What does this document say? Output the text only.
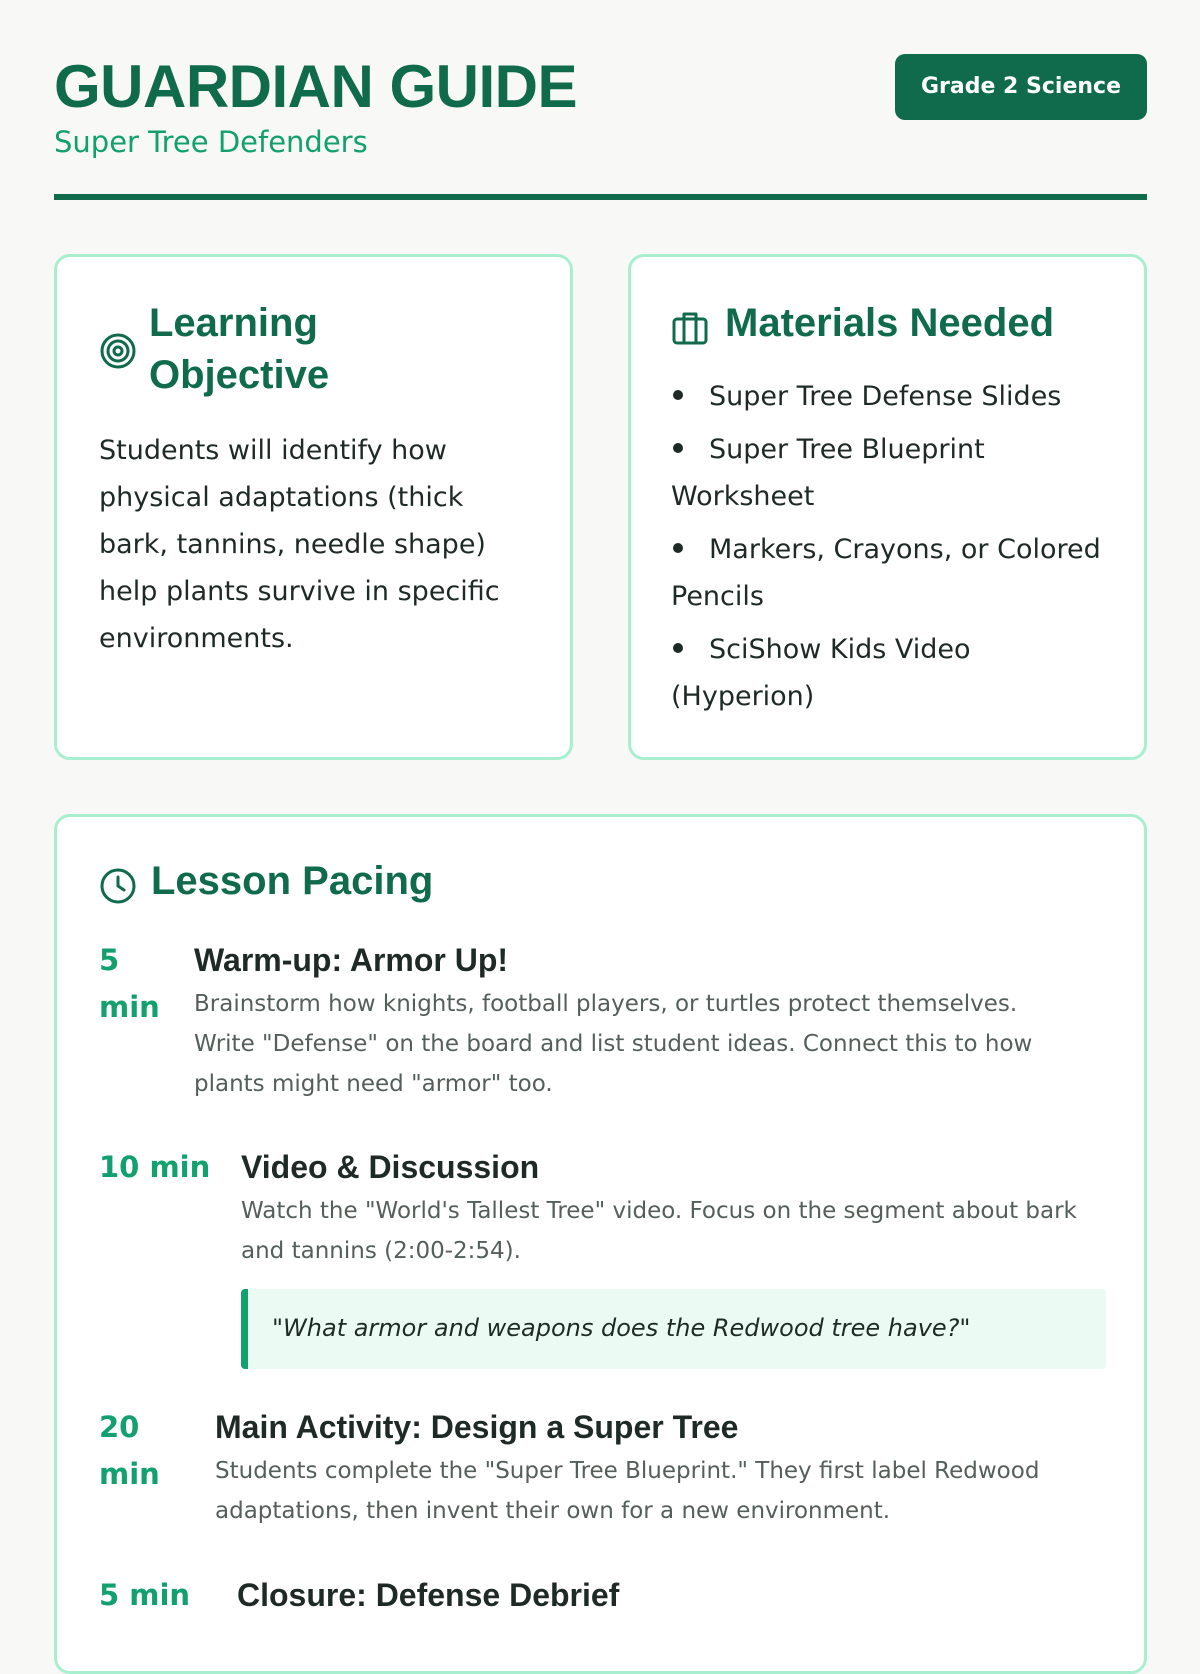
GUARDIAN GUIDE
Super Tree Defenders
Grade 2 Science
Learning Objective
Students will identify how physical adaptations (thick bark, tannins, needle shape) help plants survive in specific environments.
Materials Needed
Super Tree Defense Slides
Super Tree Blueprint Worksheet
Markers, Crayons, or Colored Pencils
SciShow Kids Video (Hyperion)
Lesson Pacing
5 min
Warm-up: Armor Up!
Brainstorm how knights, football players, or turtles protect themselves. Write "Defense" on the board and list student ideas. Connect this to how plants might need "armor" too.
10 min Video & Discussion
Watch the "World's Tallest Tree" video. Focus on the segment about bark and tannins (2:00-2:54).
"What armor and weapons does the Redwood tree have?"
20 min
Main Activity: Design a Super Tree
Students complete the "Super Tree Blueprint." They first label Redwood adaptations, then invent their own for a new environment.
5 min	Closure: Defense Debrief
